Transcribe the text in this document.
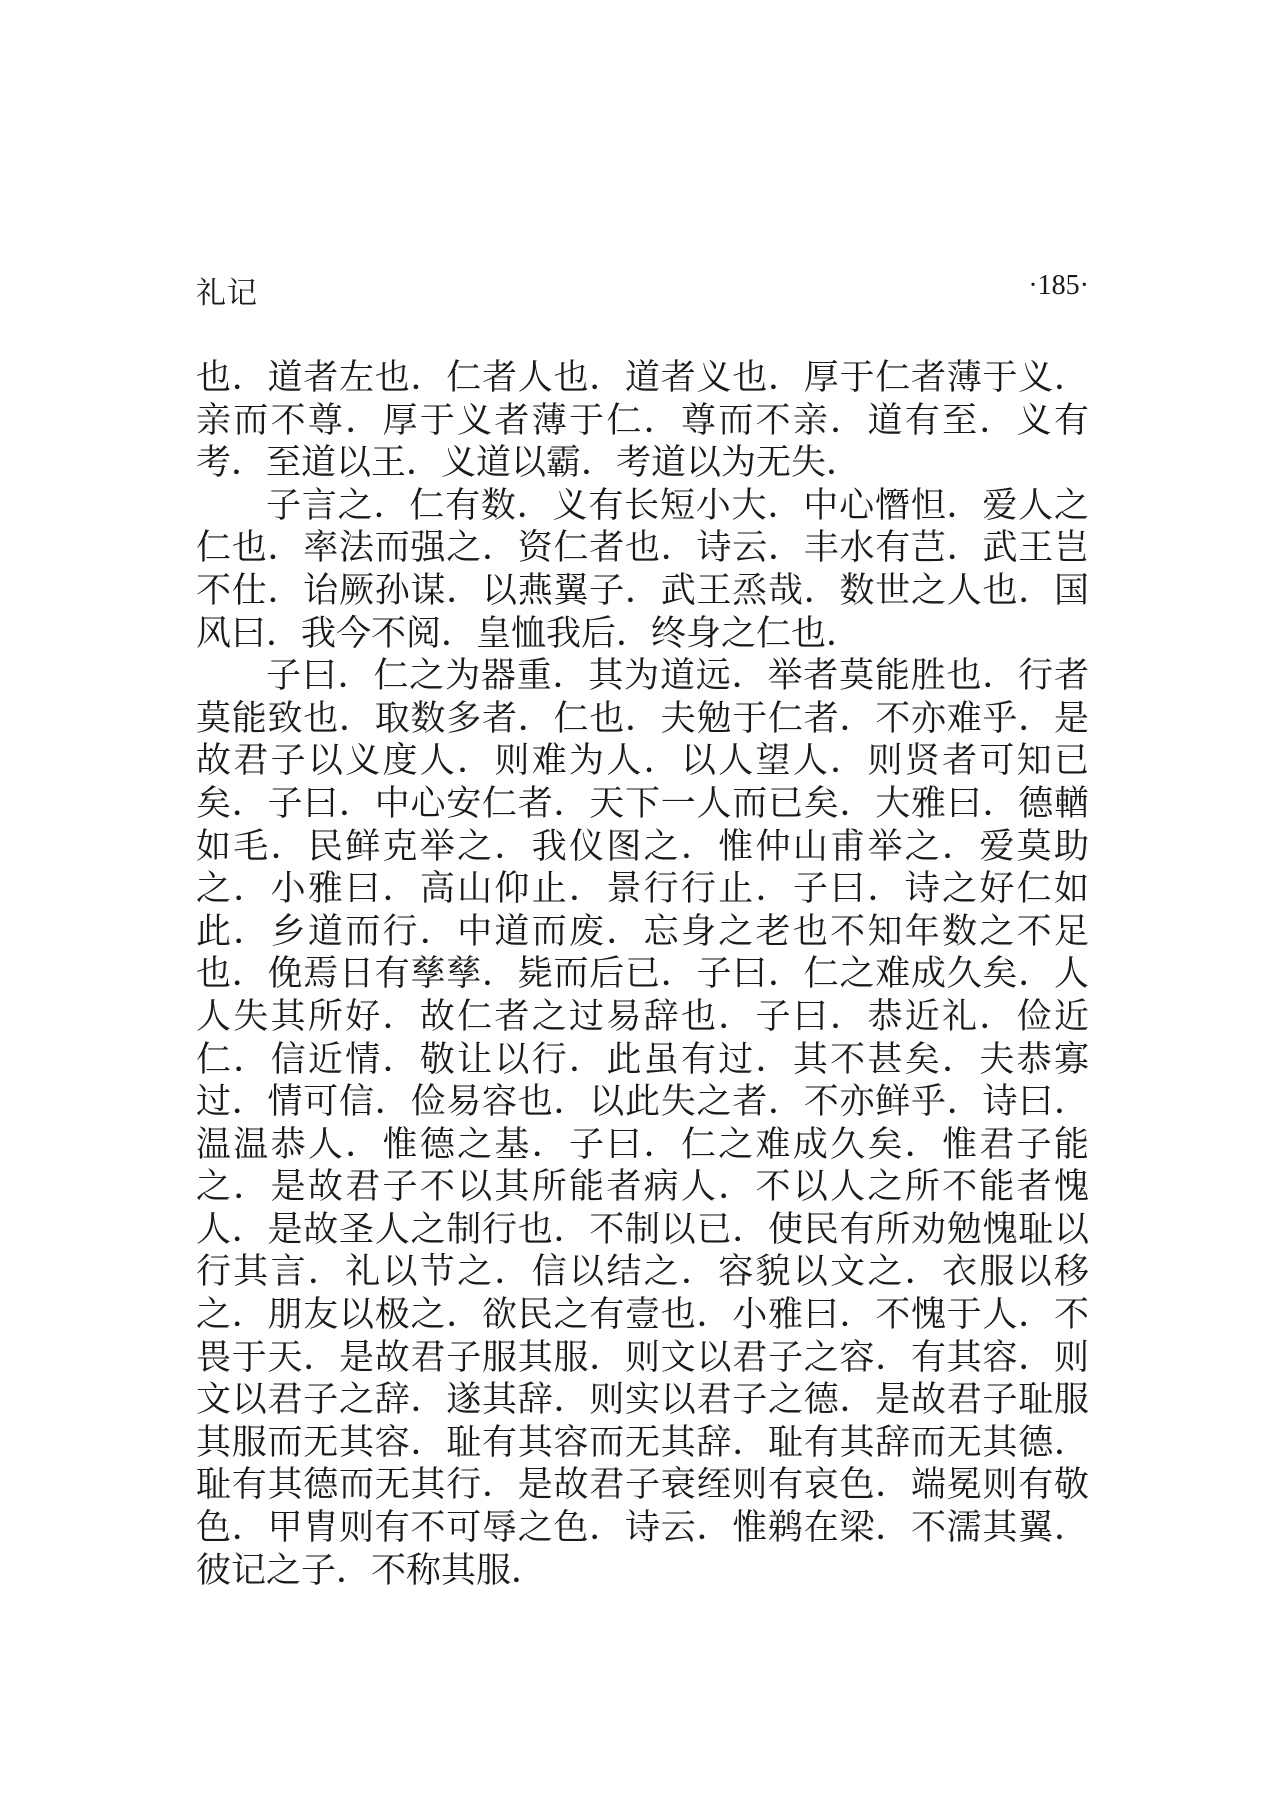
礼记	·185·

也．道者左也．仁者人也．道者义也．厚于仁者薄于义．亲而不尊．厚于义者薄于仁．尊而不亲．道有至．义有考．至道以王．义道以霸．考道以为无失．

子言之．仁有数．义有长短小大．中心憯怛．爱人之仁也．率法而强之．资仁者也．诗云．丰水有芑．武王岂不仕．诒厥孙谋．以燕翼子．武王烝哉．数世之人也．国风曰．我今不阅．皇恤我后．终身之仁也．

子曰．仁之为器重．其为道远．举者莫能胜也．行者莫能致也．取数多者．仁也．夫勉于仁者．不亦难乎．是故君子以义度人．则难为人．以人望人．则贤者可知已矣．子曰．中心安仁者．天下一人而已矣．大雅曰．德輶如毛．民鲜克举之．我仪图之．惟仲山甫举之．爱莫助之．小雅曰．高山仰止．景行行止．子曰．诗之好仁如此．乡道而行．中道而废．忘身之老也不知年数之不足也．俛焉日有孳孳．毙而后已．子曰．仁之难成久矣．人人失其所好．故仁者之过易辞也．子曰．恭近礼．俭近仁．信近情．敬让以行．此虽有过．其不甚矣．夫恭寡过．情可信．俭易容也．以此失之者．不亦鲜乎．诗曰．温温恭人．惟德之基．子曰．仁之难成久矣．惟君子能之．是故君子不以其所能者病人．不以人之所不能者愧人．是故圣人之制行也．不制以已．使民有所劝勉愧耻以行其言．礼以节之．信以结之．容貌以文之．衣服以移之．朋友以极之．欲民之有壹也．小雅曰．不愧于人．不畏于天．是故君子服其服．则文以君子之容．有其容．则文以君子之辞．遂其辞．则实以君子之德．是故君子耻服其服而无其容．耻有其容而无其辞．耻有其辞而无其德．耻有其德而无其行．是故君子衰绖则有哀色．端冕则有敬色．甲胄则有不可辱之色．诗云．惟鹈在梁．不濡其翼．彼记之子．不称其服．
